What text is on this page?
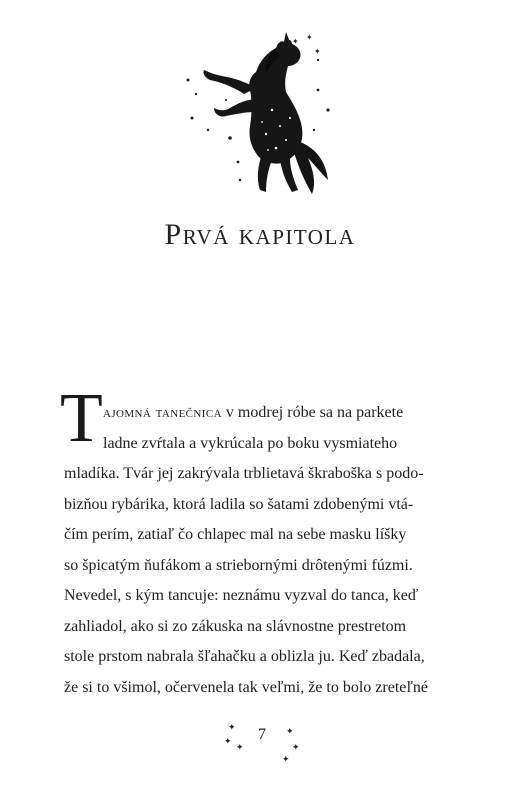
✦ ✦
✦
Prvá kapitola
T ajomná tanečnica v modrej róbe sa na parkete
ladne zvŕtala a vykrúcala po boku vysmiateho
mladíka. Tvár jej zakrývala trblietavá škraboška s podo-
bizňou rybárika, ktorá ladila so šatami zdobenými vtá-
čím perím, zatiaľ čo chlapec mal na sebe masku líšky
so špicatým ňufákom a striebornými drôtenými fúzmi.
Nevedel, s kým tancuje: neznámu vyzval do tanca, keď
zahliadol, ako si zo zákuska na slávnostne prestretom
stole prstom nabrala šľahačku a oblizla ju. Keď zbadala,
že si to všimol, očervenela tak veľmi, že to bolo zreteľné
✦
✦
✦
✦
✦
✦
7
